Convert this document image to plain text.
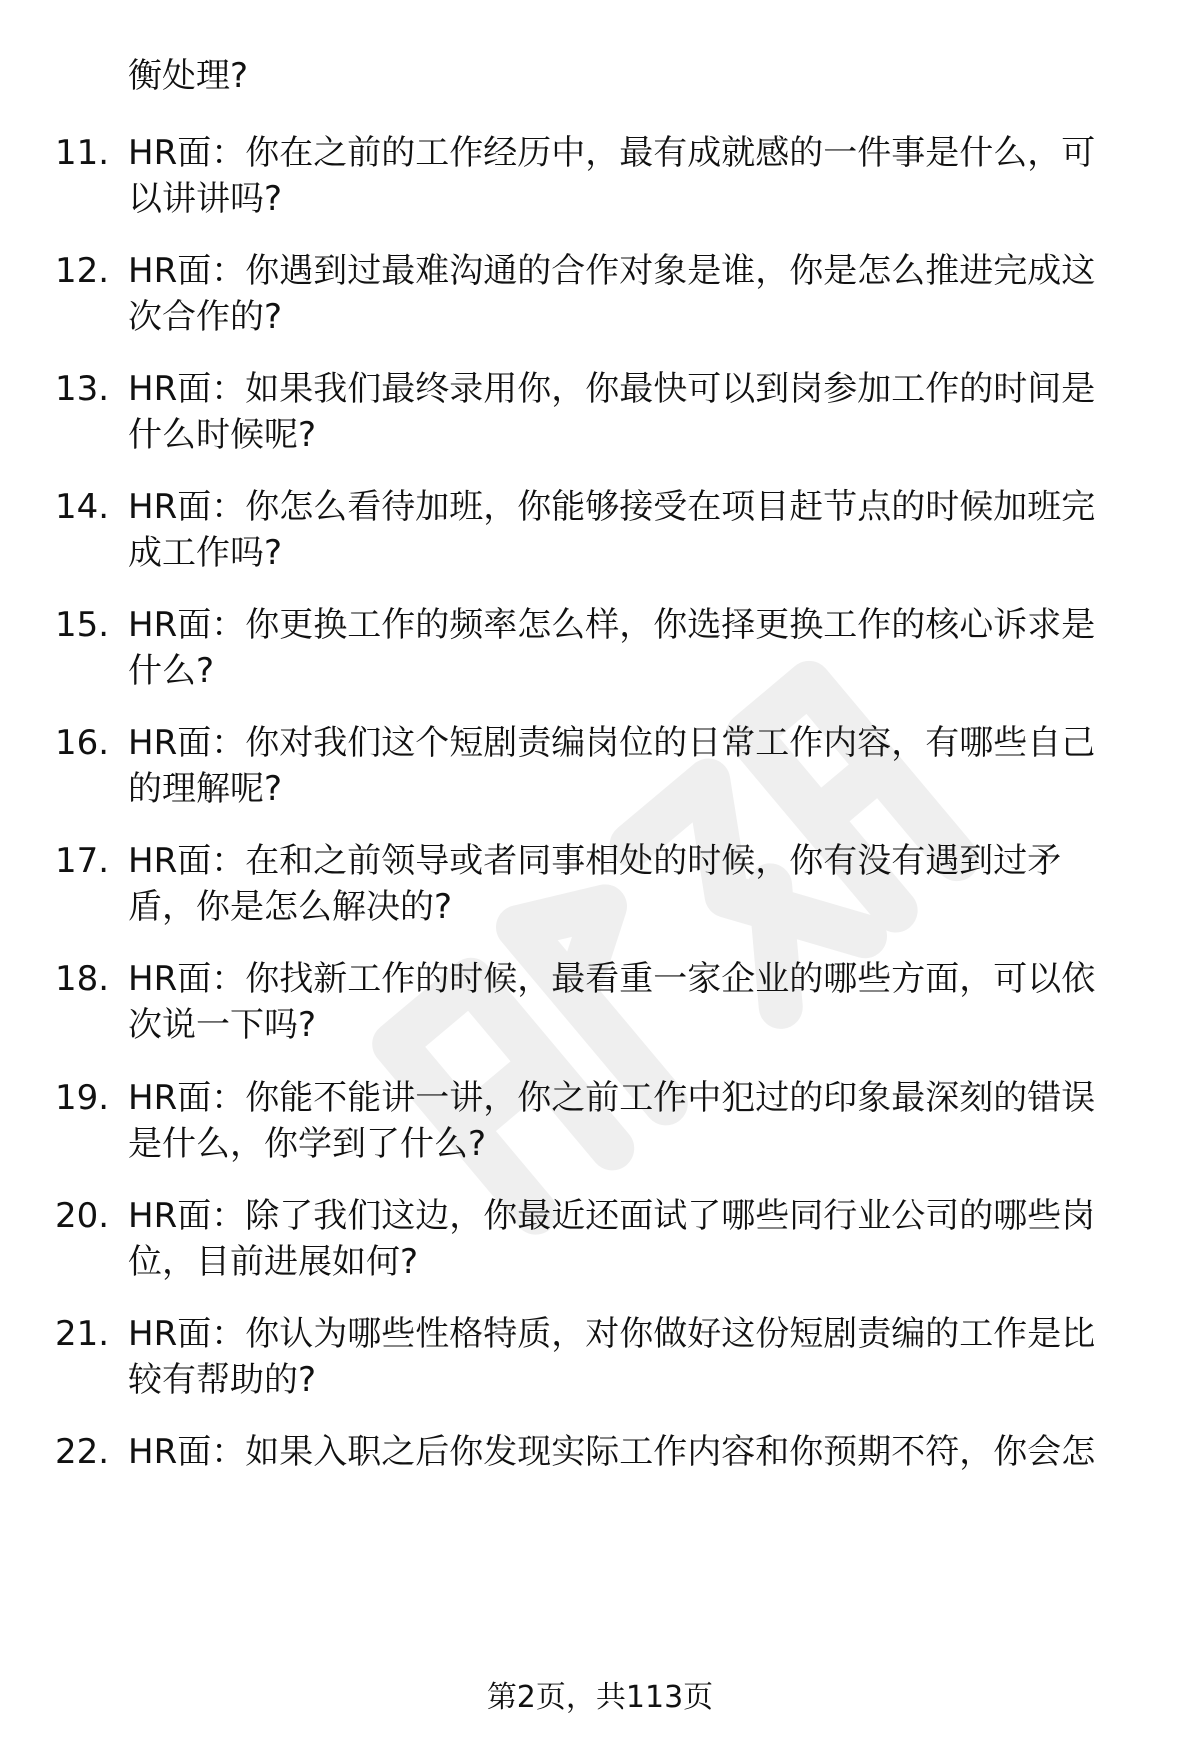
衡处理?
11. HR面：你在之前的工作经历中，最有成就感的一件事是什么，可
以讲讲吗?
12. HR面：你遇到过最难沟通的合作对象是谁，你是怎么推进完成这
次合作的?
13. HR面：如果我们最终录用你，你最快可以到岗参加工作的时间是
什么时候呢?
14. HR面：你怎么看待加班，你能够接受在项目赶节点的时候加班完
成工作吗?
15. HR面：你更换工作的频率怎么样，你选择更换工作的核心诉求是
什么?
16. HR面：你对我们这个短剧责编岗位的日常工作内容，有哪些自己
的理解呢?
17. HR面：在和之前领导或者同事相处的时候，你有没有遇到过矛
盾，你是怎么解决的?
18. HR面：你找新工作的时候，最看重一家企业的哪些方面，可以依
次说一下吗?
19. HR面：你能不能讲一讲，你之前工作中犯过的印象最深刻的错误
是什么，你学到了什么?
20. HR面：除了我们这边，你最近还面试了哪些同行业公司的哪些岗
位，目前进展如何?
21. HR面：你认为哪些性格特质，对你做好这份短剧责编的工作是比
较有帮助的?
22. HR面：如果入职之后你发现实际工作内容和你预期不符，你会怎
第2页，共113页
